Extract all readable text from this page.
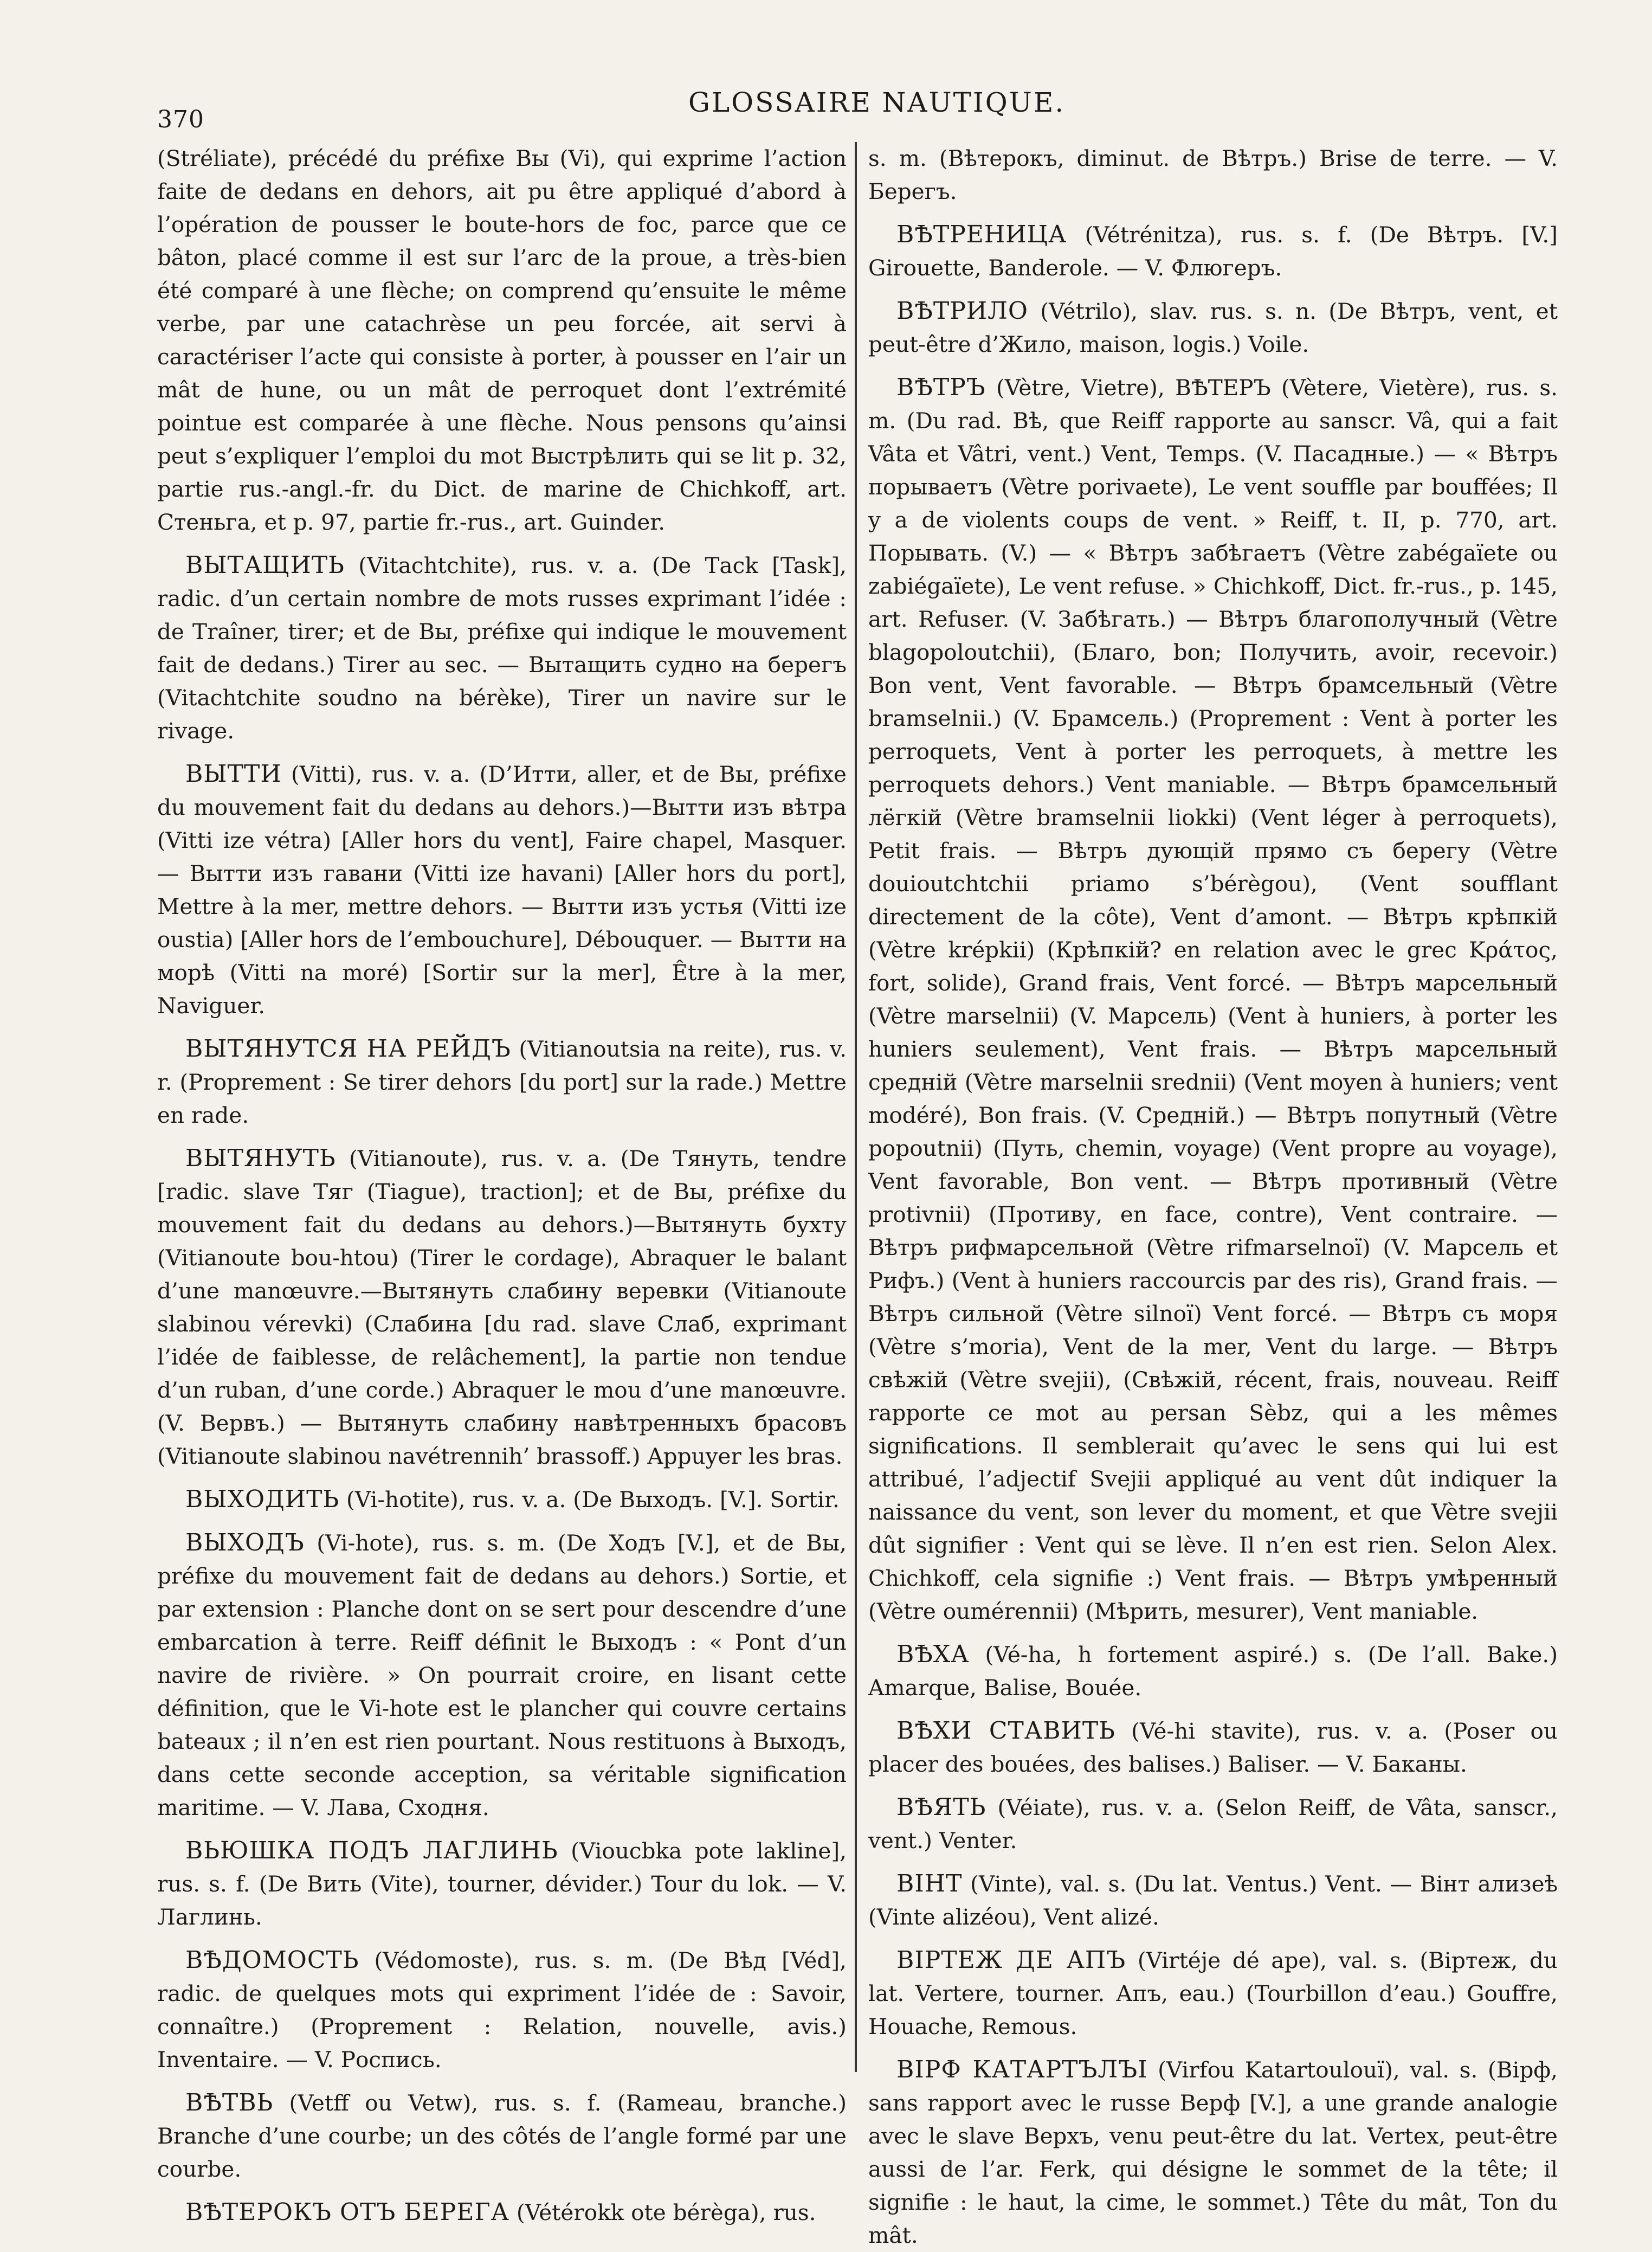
370
GLOSSAIRE NAUTIQUE.

(Stréliate), précédé du préfixe Вы (Vi), qui exprime l’action faite de dedans en dehors, ait pu être appliqué d’abord à l’opération de pousser le boute-hors de foc, parce que ce bâton, placé comme il est sur l’arc de la proue, a très-bien été comparé à une flèche; on comprend qu’ensuite le même verbe, par une catachrèse un peu forcée, ait servi à caractériser l’acte qui consiste à porter, à pousser en l’air un mât de hune, ou un mât de perroquet dont l’extrémité pointue est comparée à une flèche. Nous pensons qu’ainsi peut s’expliquer l’emploi du mot Выстрѣлить qui se lit p. 32, partie rus.-angl.-fr. du Dict. de marine de Chichkoff, art. Стеньга, et p. 97, partie fr.-rus., art. Guinder.

ВЫТАЩИТЬ (Vitachtchite), rus. v. a. (De Тасk [Task], radic. d’un certain nombre de mots russes exprimant l’idée : de Traîner, tirer; et de Вы, préfixe qui indique le mouvement fait de dedans.) Tirer au sec. — Вытащить судно на берегъ (Vitachtchite soudno na bérèke), Tirer un navire sur le rivage.

ВЫТТИ (Vitti), rus. v. a. (D’Итти, aller, et de Вы, préfixe du mouvement fait du dedans au dehors.)—Вытти изъ вѣтра (Vitti ize vétra) [Aller hors du vent], Faire chapel, Masquer. — Вытти изъ гавани (Vitti ize havani) [Aller hors du port], Mettre à la mer, mettre dehors. — Вытти изъ устья (Vitti ize oustia) [Aller hors de l’embouchure], Débouquer. — Вытти на морѣ (Vitti na moré) [Sortir sur la mer], Être à la mer, Naviguer.

ВЫТЯНУТСЯ НА РЕЙДЪ (Vitianoutsia na reite), rus. v. r. (Proprement : Se tirer dehors [du port] sur la rade.) Mettre en rade.

ВЫТЯНУТЬ (Vitianoute), rus. v. a. (De Тянуть, tendre [radic. slave Тяг (Tiague), traction]; et de Вы, préfixe du mouvement fait du dedans au dehors.)—Вытянуть бухту (Vitianoute bou-htou) (Tirer le cordage), Abraquer le balant d’une manœuvre.—Вытянуть слабину веревки (Vitianoute slabinou vérevki) (Слабина [du rad. slave Слаб, exprimant l’idée de faiblesse, de relâchement], la partie non tendue d’un ruban, d’une corde.) Abraquer le mou d’une manœuvre. (V. Вервъ.) — Вытянуть слабину навѣтренныхъ брасовъ (Vitianoute slabinou navétrennih’ brassoff.) Appuyer les bras.

ВЫХОДИТЬ (Vi-hotite), rus. v. a. (De Выходъ. [V.]. Sortir.

ВЫХОДЪ (Vi-hote), rus. s. m. (De Ходъ [V.], et de Вы, préfixe du mouvement fait de dedans au dehors.) Sortie, et par extension : Planche dont on se sert pour descendre d’une embarcation à terre. Reiff définit le Выходъ : « Pont d’un navire de rivière. » On pourrait croire, en lisant cette définition, que le Vi-hote est le plancher qui couvre certains bateaux ; il n’en est rien pourtant. Nous restituons à Выходъ, dans cette seconde acception, sa véritable signification maritime. — V. Лава, Сходня.

ВЬЮШКА ПОДЪ ЛАГЛИНЬ (Vioucbka pote lakline], rus. s. f. (De Вить (Vite), tourner, dévider.) Tour du lok. — V. Лаглинь.

ВѢДОМОСТЬ (Védomoste), rus. s. m. (De Вѣд [Véd], radic. de quelques mots qui expriment l’idée de : Savoir, connaître.) (Proprement : Relation, nouvelle, avis.) Inventaire. — V. Роспись.

ВѢТВЬ (Vetff ou Vetw), rus. s. f. (Rameau, branche.) Branche d’une courbe; un des côtés de l’angle formé par une courbe.

ВѢТЕРОКЪ ОТЪ БЕРЕГА (Vétérokk ote bérèga), rus.

s. m. (Вѣтерокъ, diminut. de Вѣтръ.) Brise de terre. — V. Берегъ.

ВѢТРЕНИЦА (Vétrénitza), rus. s. f. (De Вѣтръ. [V.] Girouette, Banderole. — V. Флюгеръ.

ВѢТРИЛО (Vétrilo), slav. rus. s. n. (De Вѣтръ, vent, et peut-être d’Жило, maison, logis.) Voile.

ВѢТРЪ (Vètre, Vietre), ВѢТЕРЪ (Vètere, Vietère), rus. s. m. (Du rad. Вѣ, que Reiff rapporte au sanscr. Vâ, qui a fait Vâta et Vâtri, vent.) Vent, Temps. (V. Пасадные.) — « Вѣтръ порываетъ (Vètre porivaete), Le vent souffle par bouffées; Il y a de violents coups de vent. » Reiff, t. II, p. 770, art. Порывать. (V.) — « Вѣтръ забѣгаетъ (Vètre zabégaïete ou zabiégaïete), Le vent refuse. » Chichkoff, Dict. fr.-rus., p. 145, art. Refuser. (V. Забѣгать.) — Вѣтръ благополучный (Vètre blagopoloutchii), (Благо, bon; Получить, avoir, recevoir.) Bon vent, Vent favorable. — Вѣтръ брамсельный (Vètre bramselnii.) (V. Брамсель.) (Proprement : Vent à porter les perroquets, Vent à porter les perroquets, à mettre les perroquets dehors.) Vent maniable. — Вѣтръ брамсельный лёгкій (Vètre bramselnii liokki) (Vent léger à perroquets), Petit frais. — Вѣтръ дующій прямо съ берегу (Vètre douioutchtchii priamo s’bérègou), (Vent soufflant directement de la côte), Vent d’amont. — Вѣтръ крѣпкій (Vètre krépkii) (Крѣпкій? en relation avec le grec Κράτος, fort, solide), Grand frais, Vent forcé. — Вѣтръ марсельный (Vètre marselnii) (V. Марсель) (Vent à huniers, à porter les huniers seulement), Vent frais. — Вѣтръ марсельный средній (Vètre marselnii srednii) (Vent moyen à huniers; vent modéré), Bon frais. (V. Средній.) — Вѣтръ попутный (Vètre popoutnii) (Путь, chemin, voyage) (Vent propre au voyage), Vent favorable, Bon vent. — Вѣтръ противный (Vètre protivnii) (Противу, en face, contre), Vent contraire. — Вѣтръ рифмарсельной (Vètre rifmarselnoï) (V. Марсель et Рифъ.) (Vent à huniers raccourcis par des ris), Grand frais. — Вѣтръ сильной (Vètre silnoï) Vent forcé. — Вѣтръ съ моря (Vètre s’moria), Vent de la mer, Vent du large. — Вѣтръ свѣжій (Vètre svejii), (Свѣжій, récent, frais, nouveau. Reiff rapporte ce mot au persan Sèbz, qui a les mêmes significations. Il semblerait qu’avec le sens qui lui est attribué, l’adjectif Svejii appliqué au vent dût indiquer la naissance du vent, son lever du moment, et que Vètre svejii dût signifier : Vent qui se lève. Il n’en est rien. Selon Alex. Chichkoff, cela signifie :) Vent frais. — Вѣтръ умѣренный (Vètre oumérennii) (Мѣрить, mesurer), Vent maniable.

ВѢХА (Vé-ha, h fortement aspiré.) s. (De l’all. Bake.) Amarque, Balise, Bouée.

ВѢХИ СТАВИТЬ (Vé-hi stavite), rus. v. a. (Poser ou placer des bouées, des balises.) Baliser. — V. Баканы.

ВѢЯТЬ (Véiate), rus. v. a. (Selon Reiff, de Vâta, sanscr., vent.) Venter.

ВІНТ (Vinte), val. s. (Du lat. Ventus.) Vent. — Вінт ализеѣ (Vinte alizéou), Vent alizé.

ВІРТЕЖ ДЕ АПЪ (Virtéje dé ape), val. s. (Віртеж, du lat. Vertere, tourner. Апъ, eau.) (Tourbillon d’eau.) Gouffre, Houache, Remous.

ВІРФ КАТАРТЪЛЪІ (Virfou Katartoulouï), val. s. (Вірф, sans rapport avec le russe Верф [V.], a une grande analogie avec le slave Верхъ, venu peut-être du lat. Vertex, peut-être aussi de l’ar. Ferk, qui désigne le sommet de la tête; il signifie : le haut, la cime, le sommet.) Tête du mât, Ton du mât.
